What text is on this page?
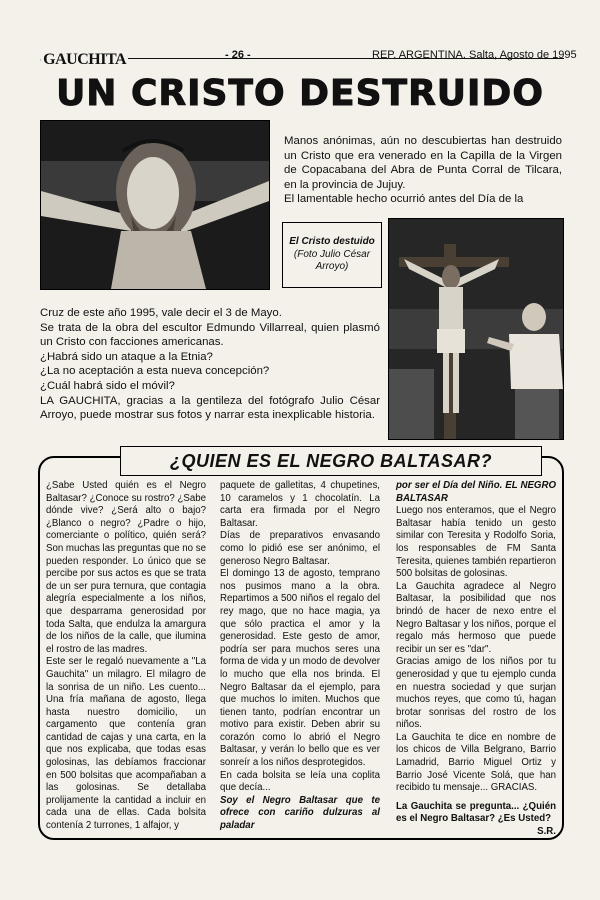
GAUCHITA	- 26 -	REP. ARGENTINA. Salta, Agosto de 1995
UN CRISTO DESTRUIDO

Manos anónimas, aún no descubiertas han destruido un Cristo que era venerado en la Capilla de la Virgen de Copacabana del Abra de Punta Corral de Tilcara, en la provincia de Jujuy.

El lamentable hecho ocurrió antes del Día de la

El Cristo destuido
(Foto Julio César Arroyo)

Cruz de este año 1995, vale decir el 3 de Mayo.

Se trata de la obra del escultor Edmundo Villarreal, quien plasmó un Cristo con facciones americanas.

¿Habrá sido un ataque a la Etnia?

¿La no aceptación a esta nueva concepción?

¿Cuál habrá sido el móvil?

LA GAUCHITA, gracias a la gentileza del fotógrafo Julio César Arroyo, puede mostrar sus fotos y narrar esta inexplicable historia.

¿QUIEN ES EL NEGRO BALTASAR?

¿Sabe Usted quién es el Negro Baltasar? ¿Conoce su rostro? ¿Sabe dónde vive? ¿Será alto o bajo? ¿Blanco o negro? ¿Padre o hijo, comerciante o político, quién será? Son muchas las preguntas que no se pueden responder. Lo único que se percibe por sus actos es que se trata de un ser pura ternura, que contagia alegría especialmente a los niños, que desparrama generosidad por toda Salta, que endulza la amargura de los niños de la calle, que ilumina el rostro de las madres.

Este ser le regaló nuevamente a "La Gauchita" un milagro. El milagro de la sonrisa de un niño. Les cuento... Una fría mañana de agosto, llega hasta nuestro domicilio, un cargamento que contenía gran cantidad de cajas y una carta, en la que nos explicaba, que todas esas golosinas, las debíamos fraccionar en 500 bolsitas que acompañaban a las golosinas. Se detallaba prolijamente la cantidad a incluir en cada una de ellas. Cada bolsita contenía 2 turrones, 1 alfajor, y

paquete de galletitas, 4 chupetines, 10 caramelos y 1 chocolatín. La carta era firmada por el Negro Baltasar.

Días de preparativos envasando como lo pidió ese ser anónimo, el generoso Negro Baltasar.

El domingo 13 de agosto, temprano nos pusimos mano a la obra. Repartimos a 500 niños el regalo del rey mago, que no hace magia, ya que sólo practica el amor y la generosidad. Este gesto de amor, podría ser para muchos seres una forma de vida y un modo de devolver lo mucho que ella nos brinda. El Negro Baltasar da el ejemplo, para que muchos lo imiten. Muchos que tienen tanto, podrían encontrar un motivo para existir. Deben abrir su corazón como lo abrió el Negro Baltasar, y verán lo bello que es ver sonreír a los niños desprotegidos.

En cada bolsita se leía una coplita que decía...

Soy el Negro Baltasar que te ofrece con cariño dulzuras al paladar

por ser el Día del Niño. EL NEGRO BALTASAR

Luego nos enteramos, que el Negro Baltasar había tenido un gesto similar con Teresita y Rodolfo Soria, los responsables de FM Santa Teresita, quienes también repartieron 500 bolsitas de golosinas.

La Gauchita agradece al Negro Baltasar, la posibilidad que nos brindó de hacer de nexo entre el Negro Baltasar y los niños, porque el regalo más hermoso que puede recibir un ser es "dar".

Gracias amigo de los niños por tu generosidad y que tu ejemplo cunda en nuestra sociedad y que surjan muchos reyes, que como tú, hagan brotar sonrisas del rostro de los niños.

La Gauchita te dice en nombre de los chicos de Villa Belgrano, Barrio Lamadrid, Barrio Miguel Ortiz y Barrio José Vicente Solá, que han recibido tu mensaje... GRACIAS.

La Gauchita se pregunta... ¿Quién es el Negro Baltasar? ¿Es Usted?

S.R.
